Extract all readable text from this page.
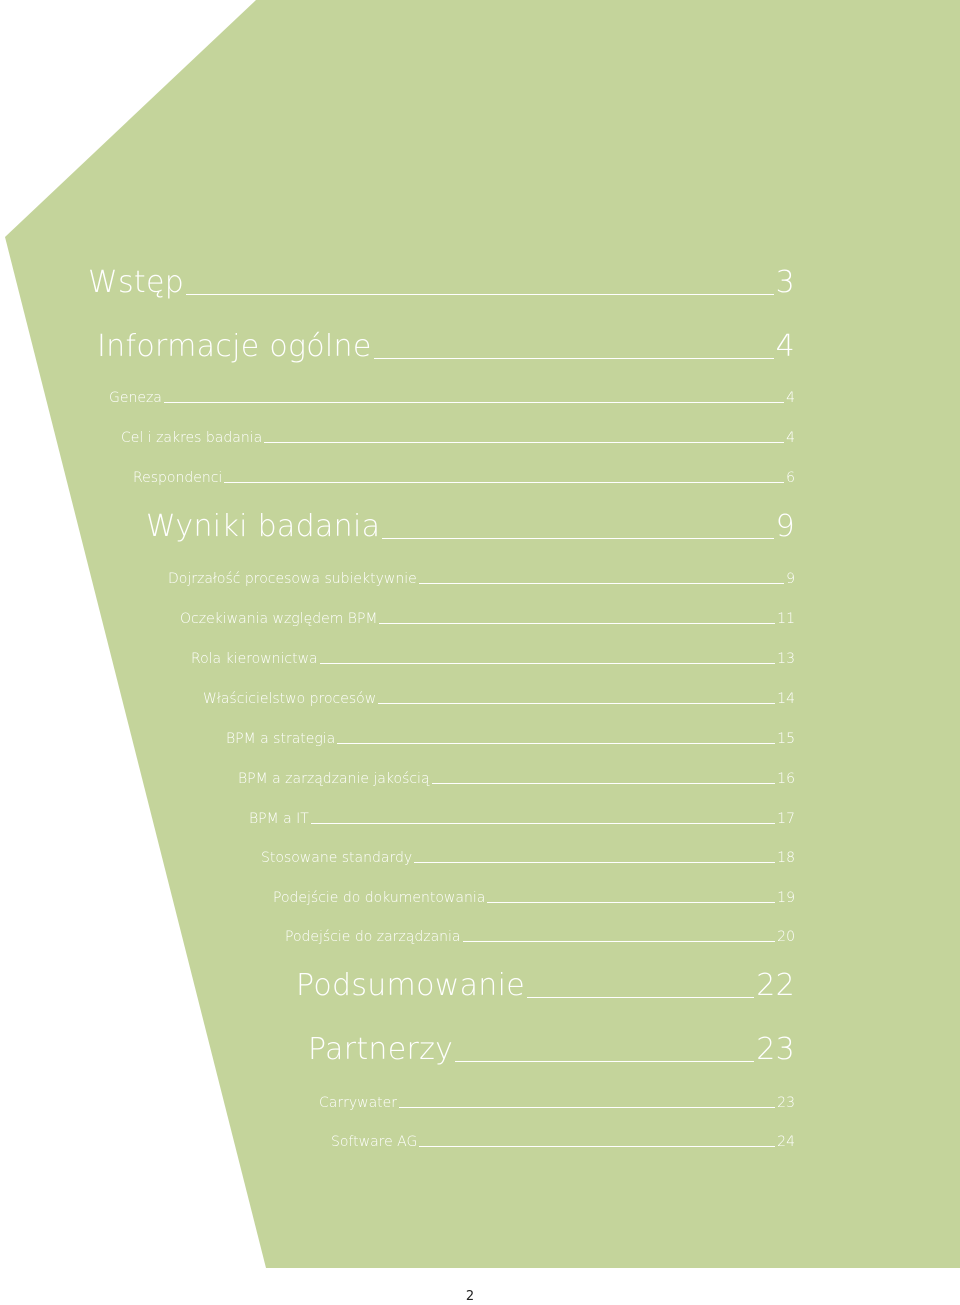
Wstęp	3
Informacje ogólne	4
Geneza	4
Cel i zakres badania	4
Respondenci	6
Wyniki badania	9
Dojrzałość procesowa subiektywnie	9
Oczekiwania względem BPM	11
Rola kierownictwa	13
Właścicielstwo procesów	14
BPM a strategia	15
BPM a zarządzanie jakością	16
BPM a IT	17
Stosowane standardy	18
Podejście do dokumentowania	19
Podejście do zarządzania	20
Podsumowanie	22
Partnerzy	23
Carrywater	23
Software AG	24
2
